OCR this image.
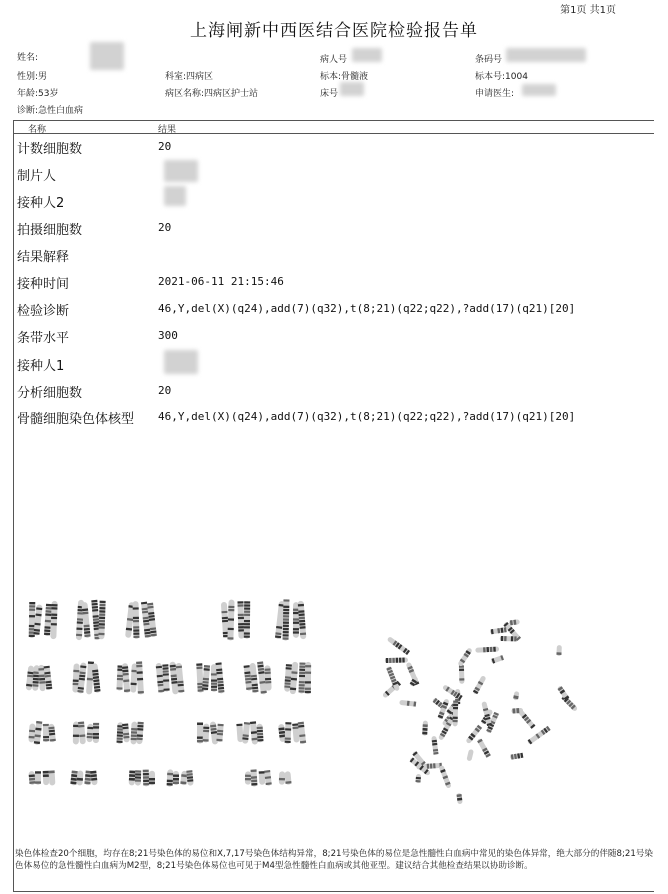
第1页 共1页
上海闸新中西医结合医院检验报告单
姓名:
性别:男
年龄:53岁
诊断:急性白血病
科室:四病区
病区名称:四病区护士站
病人号
标本:骨髓液
床号
条码号
标本号:1004
申请医生:
名称	结果
计数细胞数	20
制片人
接种人2
拍摄细胞数	20
结果解释
接种时间	2021-06-11 21:15:46
检验诊断	46,Y,del(X)(q24),add(7)(q32),t(8;21)(q22;q22),?add(17)(q21)[20]
条带水平	300
接种人1
分析细胞数	20
骨髓细胞染色体核型 46,Y,del(X)(q24),add(7)(q32),t(8;21)(q22;q22),?add(17)(q21)[20]
染色体检查20个细胞，均存在8;21号染色体的易位和X,7,17号染色体结构异常，8;21号染色体的易位是急性髓性白血病中常见的染色体异常，绝大部分的伴随8;21号染色体易位的急性髓性白血病为M2型，8;21号染色体易位也可见于M4型急性髓性白血病或其他亚型。建议结合其他检查结果以协助诊断。
